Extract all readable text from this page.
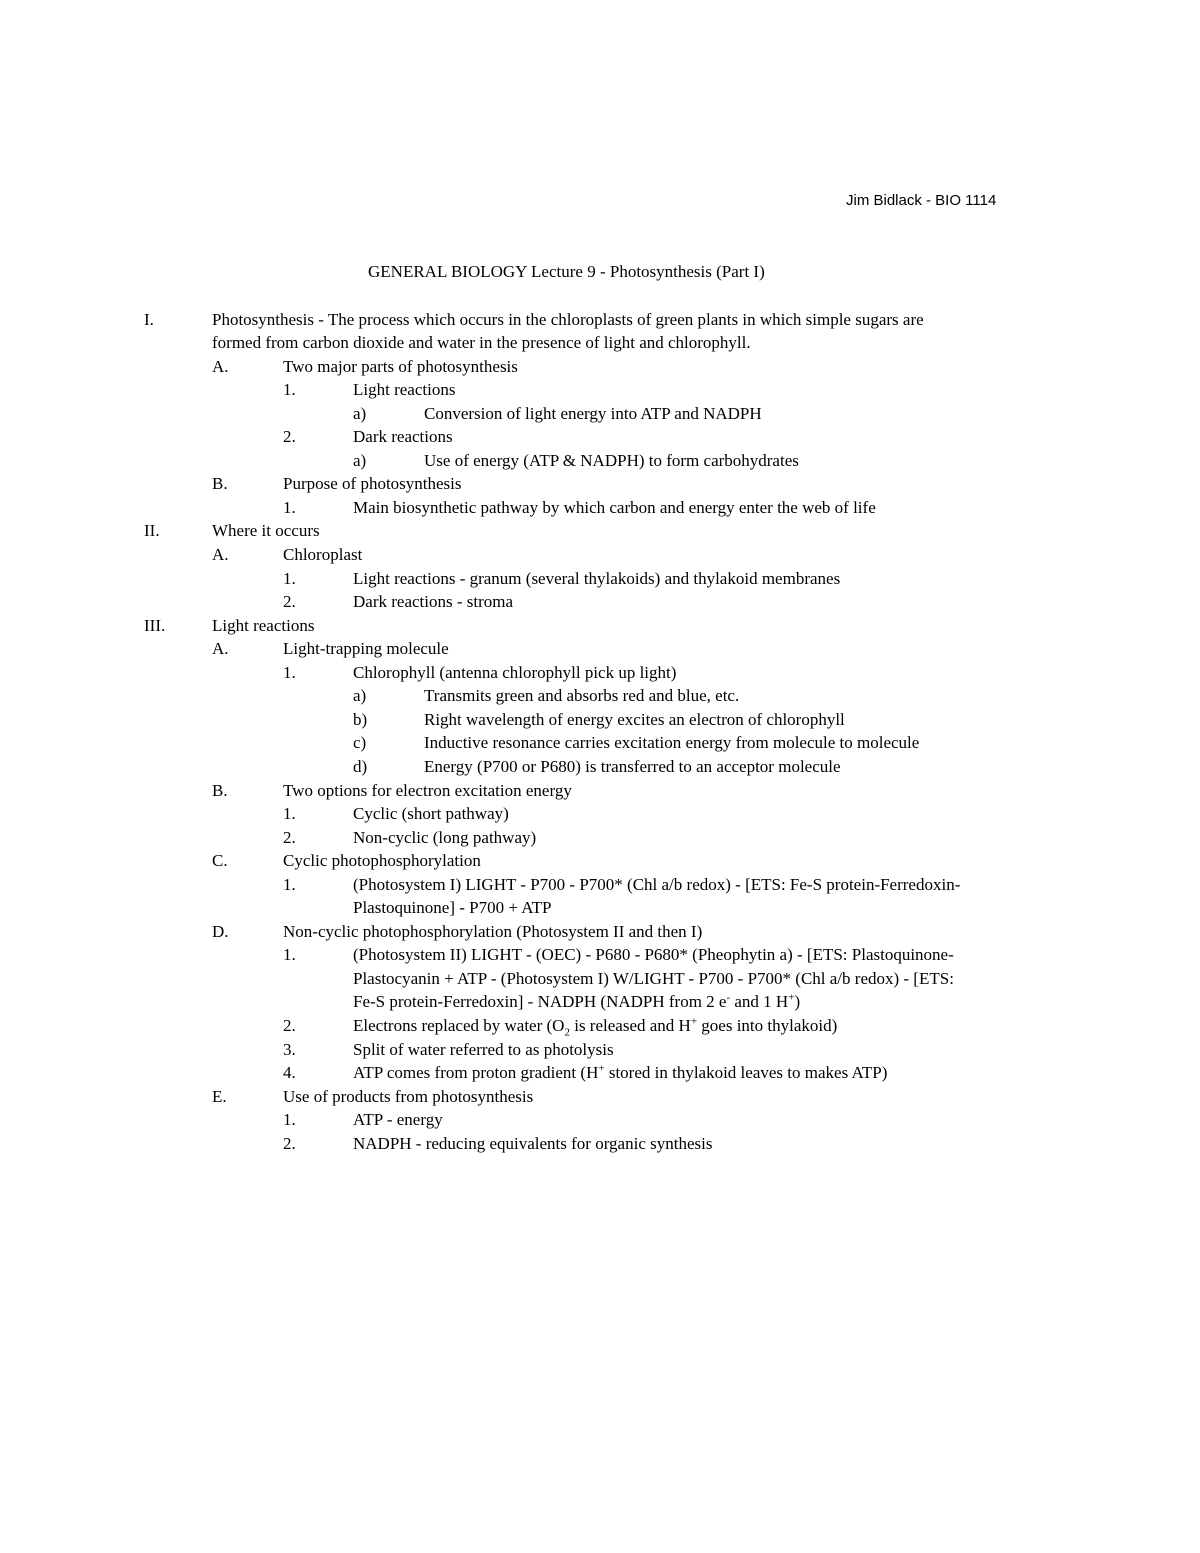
Jim Bidlack - BIO 1114
GENERAL BIOLOGY Lecture 9 - Photosynthesis (Part I)
I.	Photosynthesis - The process which occurs in the chloroplasts of green plants in which simple sugars are
formed from carbon dioxide and water in the presence of light and chlorophyll.
A.	Two major parts of photosynthesis
1.	Light reactions
a)	Conversion of light energy into ATP and NADPH
2.	Dark reactions
a)	Use of energy (ATP & NADPH) to form carbohydrates
B.	Purpose of photosynthesis
1.	Main biosynthetic pathway by which carbon and energy enter the web of life
II.	Where it occurs
A.	Chloroplast
1.	Light reactions - granum (several thylakoids) and thylakoid membranes
2.	Dark reactions - stroma
III.	Light reactions
A.	Light-trapping molecule
1.	Chlorophyll (antenna chlorophyll pick up light)
a)	Transmits green and absorbs red and blue, etc.
b)	Right wavelength of energy excites an electron of chlorophyll
c)	Inductive resonance carries excitation energy from molecule to molecule
d)	Energy (P700 or P680) is transferred to an acceptor molecule
B.	Two options for electron excitation energy
1.	Cyclic (short pathway)
2.	Non-cyclic (long pathway)
C.	Cyclic photophosphorylation
1.	(Photosystem I) LIGHT - P700 - P700* (Chl a/b redox) - [ETS: Fe-S protein-Ferredoxin-
Plastoquinone] - P700 + ATP
D.	Non-cyclic photophosphorylation (Photosystem II and then I)
1.	(Photosystem II) LIGHT - (OEC) - P680 - P680* (Pheophytin a) - [ETS: Plastoquinone-
Plastocyanin + ATP - (Photosystem I) W/LIGHT - P700 - P700* (Chl a/b redox) - [ETS:
Fe-S protein-Ferredoxin] - NADPH (NADPH from 2 e- and 1 H+)
2.	Electrons replaced by water ($O_2$ is released and H+ goes into thylakoid)
3.	Split of water referred to as photolysis
4.	ATP comes from proton gradient (H+ stored in thylakoid leaves to makes ATP)
E.	Use of products from photosynthesis
1.	ATP - energy
2.	NADPH - reducing equivalents for organic synthesis
